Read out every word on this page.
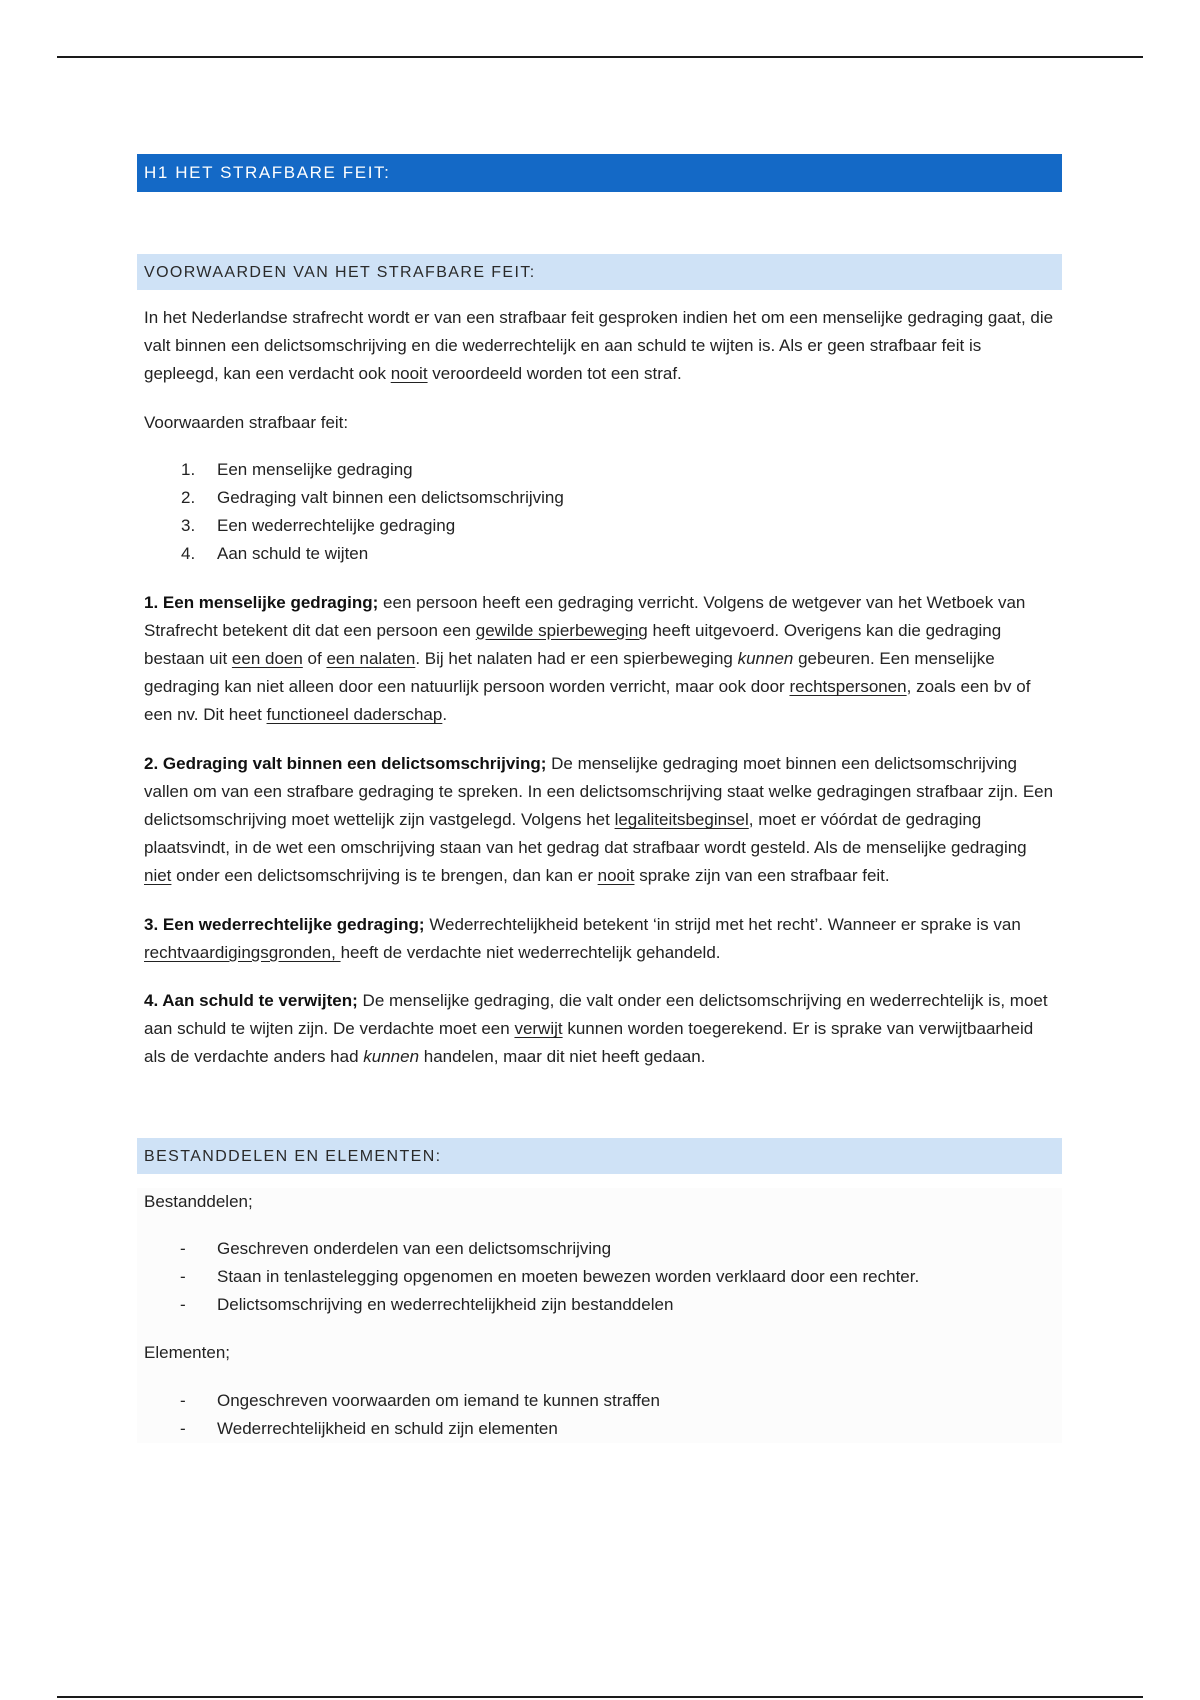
H1 HET STRAFBARE FEIT:
VOORWAARDEN VAN HET STRAFBARE FEIT:

In het Nederlandse strafrecht wordt er van een strafbaar feit gesproken indien het om een menselijke gedraging gaat, die valt binnen een delictsomschrijving en die wederrechtelijk en aan schuld te wijten is. Als er geen strafbaar feit is gepleegd, kan een verdacht ook nooit veroordeeld worden tot een straf.

Voorwaarden strafbaar feit:

1.	Een menselijke gedraging
2.	Gedraging valt binnen een delictsomschrijving
3.	Een wederrechtelijke gedraging
4.	Aan schuld te wijten

1. Een menselijke gedraging; een persoon heeft een gedraging verricht. Volgens de wetgever van het Wetboek van Strafrecht betekent dit dat een persoon een gewilde spierbeweging heeft uitgevoerd. Overigens kan die gedraging bestaan uit een doen of een nalaten. Bij het nalaten had er een spierbeweging kunnen gebeuren. Een menselijke gedraging kan niet alleen door een natuurlijk persoon worden verricht, maar ook door rechtspersonen, zoals een bv of een nv. Dit heet functioneel daderschap.

2. Gedraging valt binnen een delictsomschrijving; De menselijke gedraging moet binnen een delictsomschrijving vallen om van een strafbare gedraging te spreken. In een delictsomschrijving staat welke gedragingen strafbaar zijn. Een delictsomschrijving moet wettelijk zijn vastgelegd. Volgens het legaliteitsbeginsel, moet er vóórdat de gedraging plaatsvindt, in de wet een omschrijving staan van het gedrag dat strafbaar wordt gesteld. Als de menselijke gedraging niet onder een delictsomschrijving is te brengen, dan kan er nooit sprake zijn van een strafbaar feit.

3. Een wederrechtelijke gedraging; Wederrechtelijkheid betekent ‘in strijd met het recht’. Wanneer er sprake is van rechtvaardigingsgronden, heeft de verdachte niet wederrechtelijk gehandeld.

4. Aan schuld te verwijten; De menselijke gedraging, die valt onder een delictsomschrijving en wederrechtelijk is, moet aan schuld te wijten zijn. De verdachte moet een verwijt kunnen worden toegerekend. Er is sprake van verwijtbaarheid als de verdachte anders had kunnen handelen, maar dit niet heeft gedaan.

BESTANDDELEN EN ELEMENTEN:

Bestanddelen;

-	Geschreven onderdelen van een delictsomschrijving
-	Staan in tenlastelegging opgenomen en moeten bewezen worden verklaard door een rechter.
-	Delictsomschrijving en wederrechtelijkheid zijn bestanddelen

Elementen;

-	Ongeschreven voorwaarden om iemand te kunnen straffen
-	Wederrechtelijkheid en schuld zijn elementen
